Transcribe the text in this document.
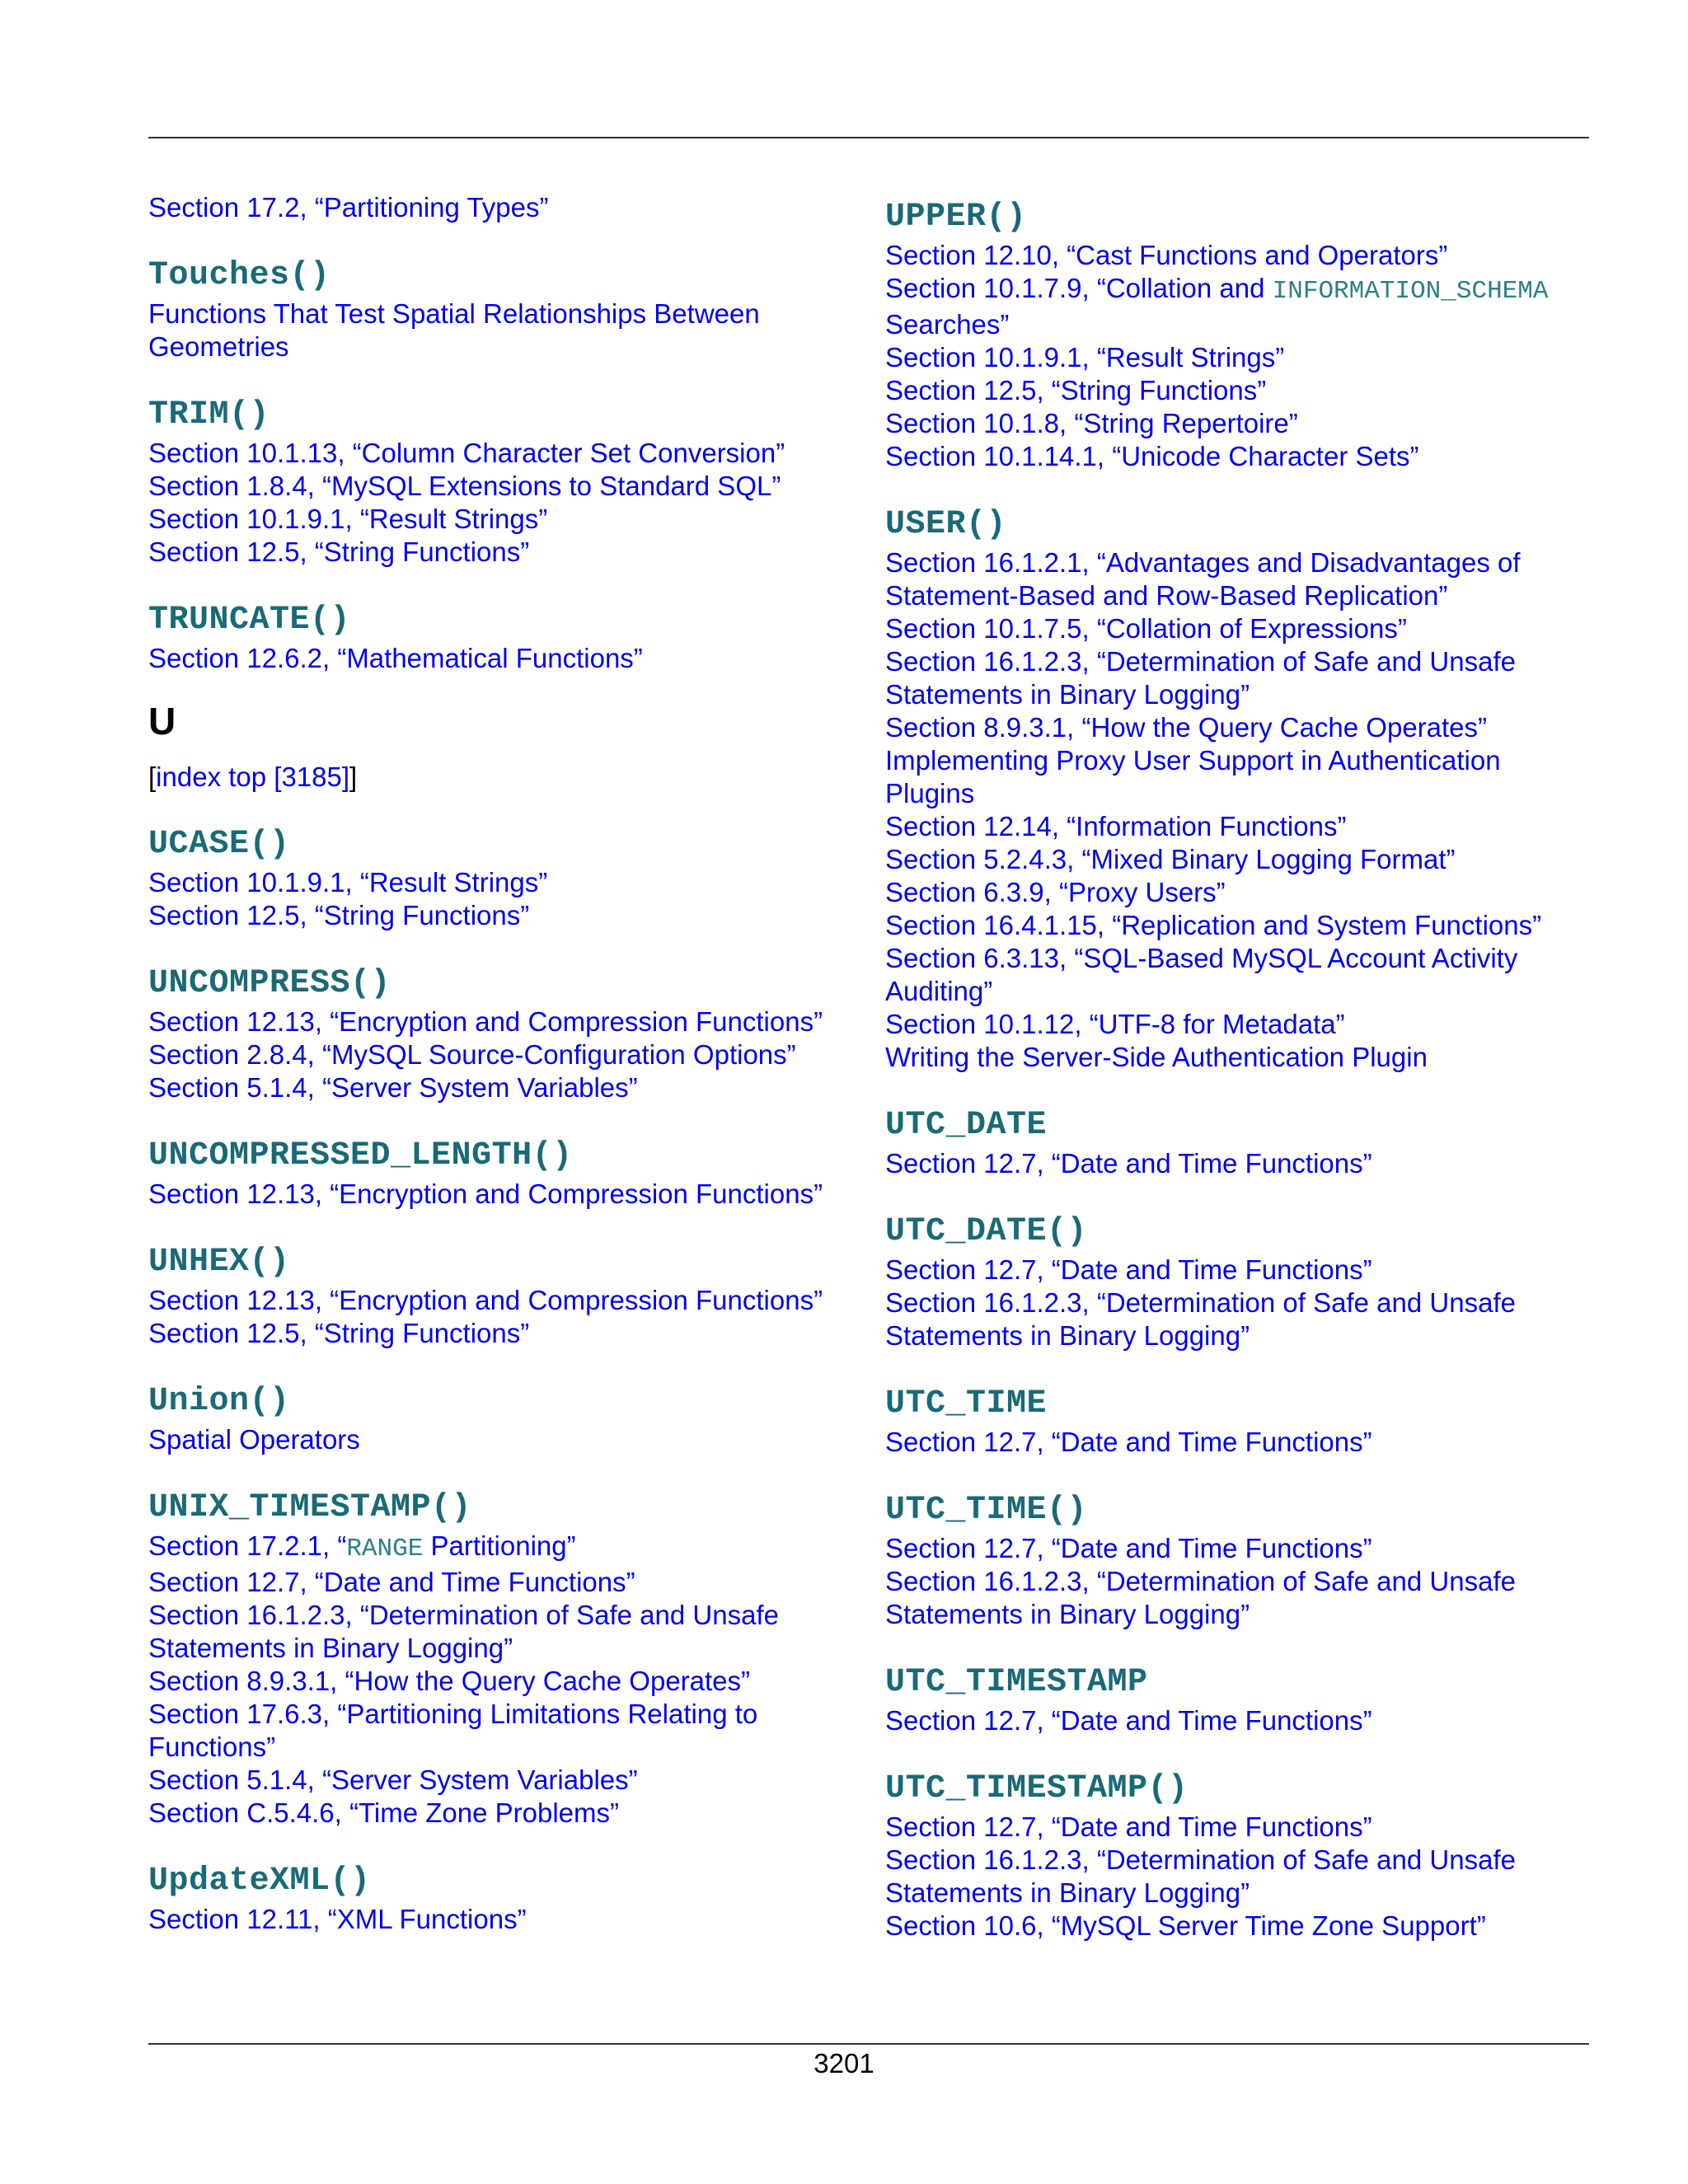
Section 17.2, “Partitioning Types”
Touches()
Functions That Test Spatial Relationships Between Geometries
TRIM()
Section 10.1.13, “Column Character Set Conversion”
Section 1.8.4, “MySQL Extensions to Standard SQL”
Section 10.1.9.1, “Result Strings”
Section 12.5, “String Functions”
TRUNCATE()
Section 12.6.2, “Mathematical Functions”
U
[index top [3185]]
UCASE()
Section 10.1.9.1, “Result Strings”
Section 12.5, “String Functions”
UNCOMPRESS()
Section 12.13, “Encryption and Compression Functions”
Section 2.8.4, “MySQL Source-Configuration Options”
Section 5.1.4, “Server System Variables”
UNCOMPRESSED_LENGTH()
Section 12.13, “Encryption and Compression Functions”
UNHEX()
Section 12.13, “Encryption and Compression Functions”
Section 12.5, “String Functions”
Union()
Spatial Operators
UNIX_TIMESTAMP()
Section 17.2.1, “RANGE Partitioning”
Section 12.7, “Date and Time Functions”
Section 16.1.2.3, “Determination of Safe and Unsafe Statements in Binary Logging”
Section 8.9.3.1, “How the Query Cache Operates”
Section 17.6.3, “Partitioning Limitations Relating to Functions”
Section 5.1.4, “Server System Variables”
Section C.5.4.6, “Time Zone Problems”
UpdateXML()
Section 12.11, “XML Functions”
UPPER()
Section 12.10, “Cast Functions and Operators”
Section 10.1.7.9, “Collation and INFORMATION_SCHEMA Searches”
Section 10.1.9.1, “Result Strings”
Section 12.5, “String Functions”
Section 10.1.8, “String Repertoire”
Section 10.1.14.1, “Unicode Character Sets”
USER()
Section 16.1.2.1, “Advantages and Disadvantages of Statement-Based and Row-Based Replication”
Section 10.1.7.5, “Collation of Expressions”
Section 16.1.2.3, “Determination of Safe and Unsafe Statements in Binary Logging”
Section 8.9.3.1, “How the Query Cache Operates”
Implementing Proxy User Support in Authentication Plugins
Section 12.14, “Information Functions”
Section 5.2.4.3, “Mixed Binary Logging Format”
Section 6.3.9, “Proxy Users”
Section 16.4.1.15, “Replication and System Functions”
Section 6.3.13, “SQL-Based MySQL Account Activity Auditing”
Section 10.1.12, “UTF-8 for Metadata”
Writing the Server-Side Authentication Plugin
UTC_DATE
Section 12.7, “Date and Time Functions”
UTC_DATE()
Section 12.7, “Date and Time Functions”
Section 16.1.2.3, “Determination of Safe and Unsafe Statements in Binary Logging”
UTC_TIME
Section 12.7, “Date and Time Functions”
UTC_TIME()
Section 12.7, “Date and Time Functions”
Section 16.1.2.3, “Determination of Safe and Unsafe Statements in Binary Logging”
UTC_TIMESTAMP
Section 12.7, “Date and Time Functions”
UTC_TIMESTAMP()
Section 12.7, “Date and Time Functions”
Section 16.1.2.3, “Determination of Safe and Unsafe Statements in Binary Logging”
Section 10.6, “MySQL Server Time Zone Support”
3201
